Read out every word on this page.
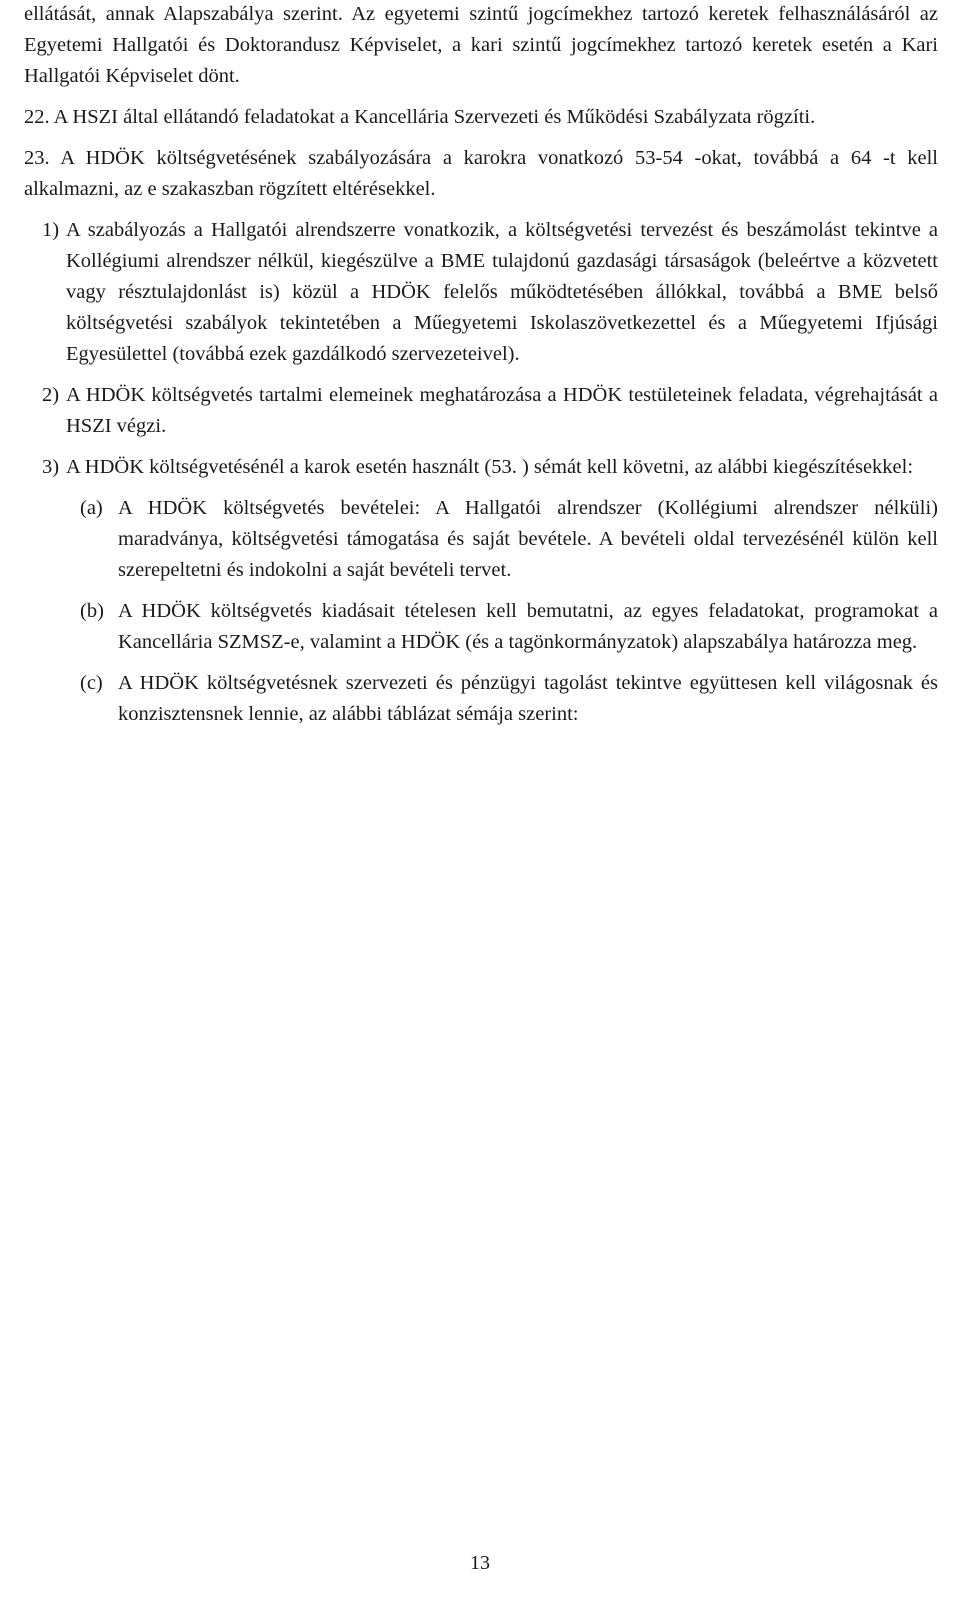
ellátását, annak Alapszabálya szerint. Az egyetemi szintű jogcímekhez tartozó keretek felhasználásáról az Egyetemi Hallgatói és Doktorandusz Képviselet, a kari szintű jogcímekhez tartozó keretek esetén a Kari Hallgatói Képviselet dönt.

22. A HSZI által ellátandó feladatokat a Kancellária Szervezeti és Működési Szabályzata rögzíti.

23. A HDÖK költségvetésének szabályozására a karokra vonatkozó 53-54 -okat, továbbá a 64 -t kell alkalmazni, az e szakaszban rögzített eltérésekkel.

1) A szabályozás a Hallgatói alrendszerre vonatkozik, a költségvetési tervezést és beszámolást tekintve a Kollégiumi alrendszer nélkül, kiegészülve a BME tulajdonú gazdasági társaságok (beleértve a közvetett vagy résztulajdonlást is) közül a HDÖK felelős működtetésében állókkal, továbbá a BME belső költségvetési szabályok tekintetében a Műegyetemi Iskolaszövetkezettel és a Műegyetemi Ifjúsági Egyesülettel (továbbá ezek gazdálkodó szervezeteivel).
2) A HDÖK költségvetés tartalmi elemeinek meghatározása a HDÖK testületeinek feladata, végrehajtását a HSZI végzi.
3) A HDÖK költségvetésénél a karok esetén használt (53. ) sémát kell követni, az alábbi kiegészítésekkel:
(a) A HDÖK költségvetés bevételei: A Hallgatói alrendszer (Kollégiumi alrendszer nélküli) maradványa, költségvetési támogatása és saját bevétele. A bevételi oldal tervezésénél külön kell szerepeltetni és indokolni a saját bevételi tervet.
(b) A HDÖK költségvetés kiadásait tételesen kell bemutatni, az egyes feladatokat, programokat a Kancellária SZMSZ-e, valamint a HDÖK (és a tagönkormányzatok) alapszabálya határozza meg.
(c) A HDÖK költségvetésnek szervezeti és pénzügyi tagolást tekintve együttesen kell világosnak és konzisztensnek lennie, az alábbi táblázat sémája szerint:
13
